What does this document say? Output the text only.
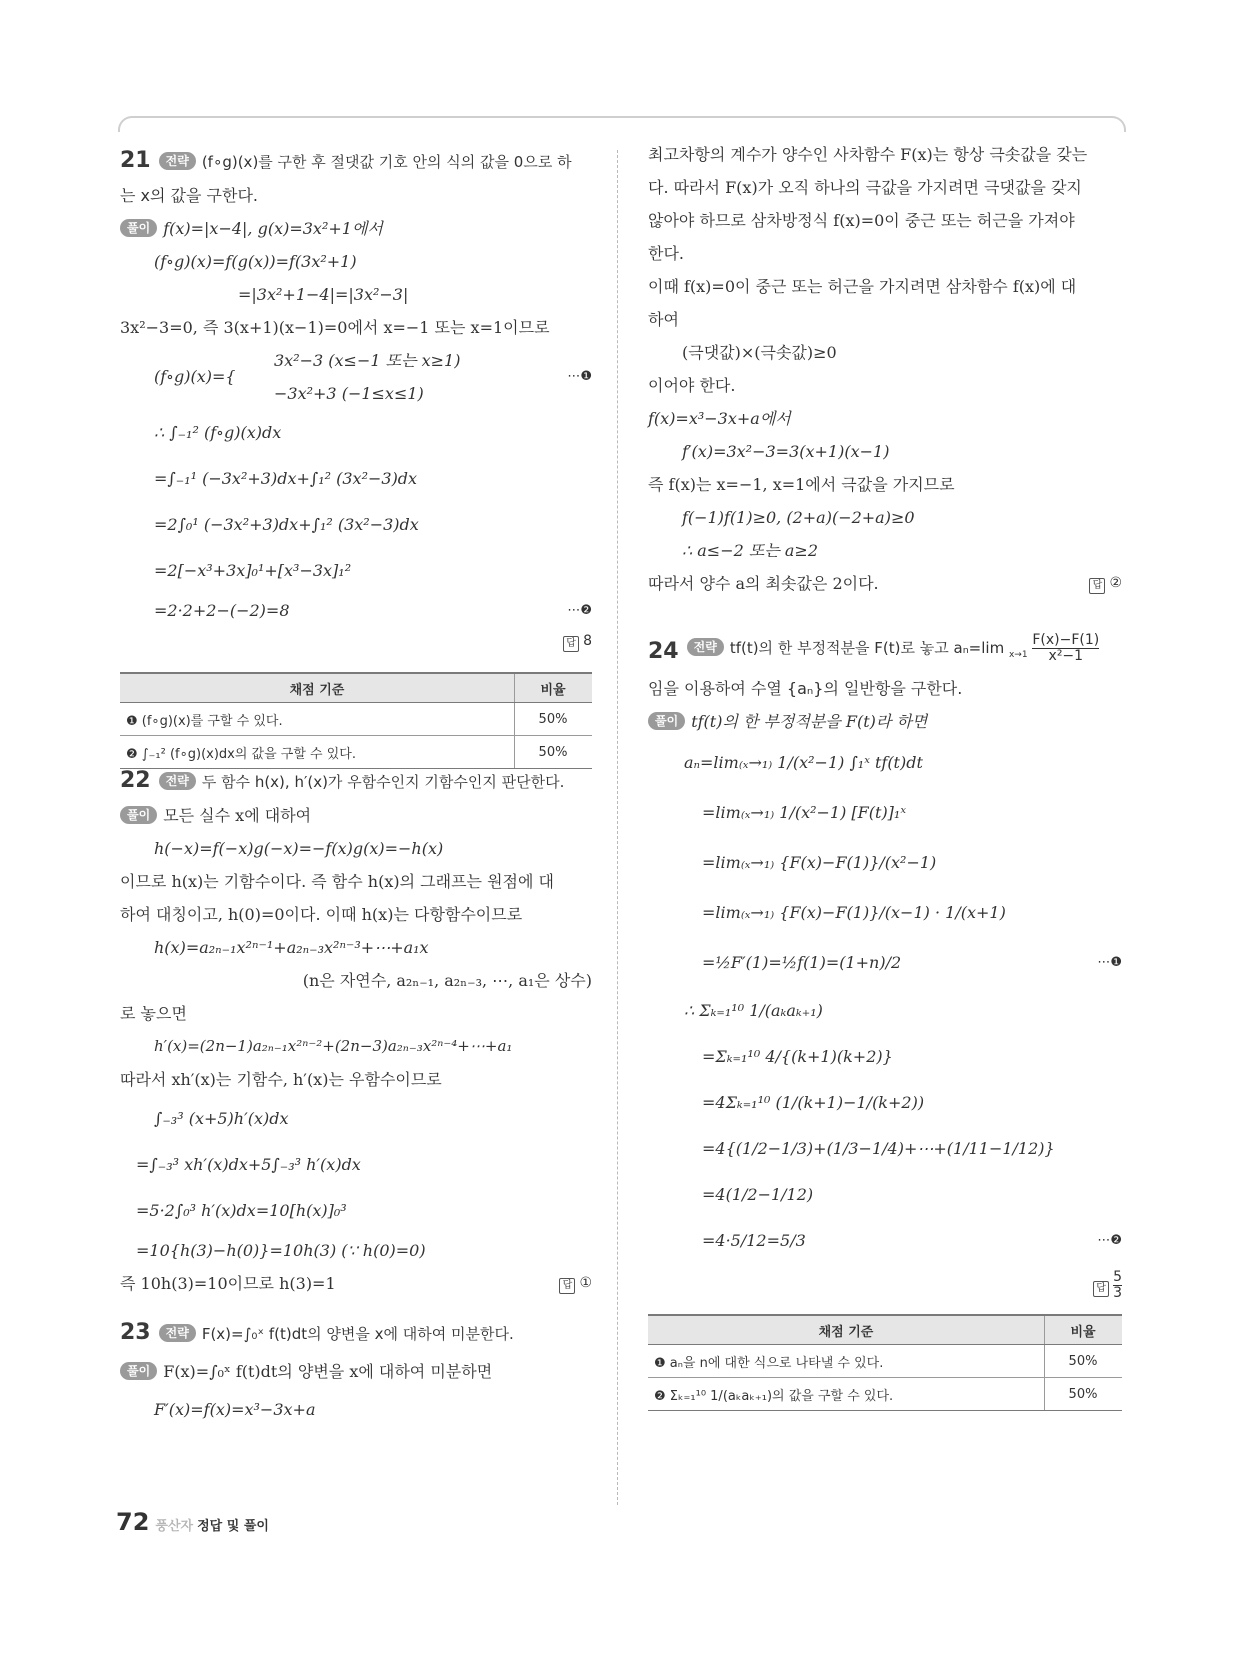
21	전략 (f∘g)(x)를 구한 후 절댓값 기호 안의 식의 값을 0으로 하
는 x의 값을 구한다.
풀이 f(x)=|x−4|, g(x)=3x²+1에서
(f∘g)(x)=f(g(x))=f(3x²+1)
=|3x²+1−4|=|3x²−3|
3x²−3=0, 즉 3(x+1)(x−1)=0에서 x=−1 또는 x=1이므로
3x²−3 (x≤−1 또는 x≥1)
(f∘g)(x)={	⋯❶
−3x²+3 (−1≤x≤1)
∴ ∫₋₁² (f∘g)(x)dx
=∫₋₁¹ (−3x²+3)dx+∫₁² (3x²−3)dx
=2∫₀¹ (−3x²+3)dx+∫₁² (3x²−3)dx
=2[−x³+3x]₀¹+[x³−3x]₁²
=2·2+2−(−2)=8	⋯❷
답 8
채점 기준	비율
❶ (f∘g)(x)를 구할 수 있다.	50%
❷ ∫₋₁² (f∘g)(x)dx의 값을 구할 수 있다.	50%
22	전략 두 함수 h(x), h′(x)가 우함수인지 기함수인지 판단한다.
풀이 모든 실수 x에 대하여
h(−x)=f(−x)g(−x)=−f(x)g(x)=−h(x)
이므로 h(x)는 기함수이다. 즉 함수 h(x)의 그래프는 원점에 대
하여 대칭이고, h(0)=0이다. 이때 h(x)는 다항함수이므로
h(x)=a₂ₙ₋₁x²ⁿ⁻¹+a₂ₙ₋₃x²ⁿ⁻³+⋯+a₁x
(n은 자연수, a₂ₙ₋₁, a₂ₙ₋₃, ⋯, a₁은 상수)
로 놓으면
h′(x)=(2n−1)a₂ₙ₋₁x²ⁿ⁻²+(2n−3)a₂ₙ₋₃x²ⁿ⁻⁴+⋯+a₁
따라서 xh′(x)는 기함수, h′(x)는 우함수이므로
∫₋₃³ (x+5)h′(x)dx
=∫₋₃³ xh′(x)dx+5∫₋₃³ h′(x)dx
=5·2∫₀³ h′(x)dx=10[h(x)]₀³
=10{h(3)−h(0)}=10h(3) (∵ h(0)=0)
즉 10h(3)=10이므로 h(3)=1	답 ①
23	전략 F(x)=∫₀ˣ f(t)dt의 양변을 x에 대하여 미분한다.
풀이 F(x)=∫₀ˣ f(t)dt의 양변을 x에 대하여 미분하면
F′(x)=f(x)=x³−3x+a
최고차항의 계수가 양수인 사차함수 F(x)는 항상 극솟값을 갖는
다. 따라서 F(x)가 오직 하나의 극값을 가지려면 극댓값을 갖지
않아야 하므로 삼차방정식 f(x)=0이 중근 또는 허근을 가져야
한다.
이때 f(x)=0이 중근 또는 허근을 가지려면 삼차함수 f(x)에 대
하여
(극댓값)×(극솟값)≥0
이어야 한다.
f(x)=x³−3x+a에서
f′(x)=3x²−3=3(x+1)(x−1)
즉 f(x)는 x=−1, x=1에서 극값을 가지므로
f(−1)f(1)≥0, (2+a)(−2+a)≥0
∴ a≤−2 또는 a≥2
따라서 양수 a의 최솟값은 2이다.	답 ②
24	전략 tf(t)의 한 부정적분을 F(t)로 놓고 aₙ=lim $_{x\to 1} \frac{F(x)-F(1)}{\text{x²−1}}$
임을 이용하여 수열 {aₙ}의 일반항을 구한다.
풀이 tf(t)의 한 부정적분을 F(t)라 하면
aₙ=lim₍ₓ→₁₎ 1/(x²−1) ∫₁ˣ tf(t)dt
=lim₍ₓ→₁₎ 1/(x²−1) [F(t)]₁ˣ
=lim₍ₓ→₁₎ {F(x)−F(1)}/(x²−1)
=lim₍ₓ→₁₎ {F(x)−F(1)}/(x−1) · 1/(x+1)
=½F′(1)=½f(1)=(1+n)/2	⋯❶
∴ Σₖ₌₁¹⁰ 1/(aₖaₖ₊₁)
=Σₖ₌₁¹⁰ 4/{(k+1)(k+2)}
=4Σₖ₌₁¹⁰ (1/(k+1)−1/(k+2))
=4{(1/2−1/3)+(1/3−1/4)+⋯+(1/11−1/12)}
=4(1/2−1/12)
=4·5/12=5/3	⋯❷
답 $\frac{5}{3}$
채점 기준	비율
❶ aₙ을 n에 대한 식으로 나타낼 수 있다.	50%
❷ Σₖ₌₁¹⁰ 1/(aₖaₖ₊₁)의 값을 구할 수 있다.	50%
72 풍산자 정답 및 풀이
